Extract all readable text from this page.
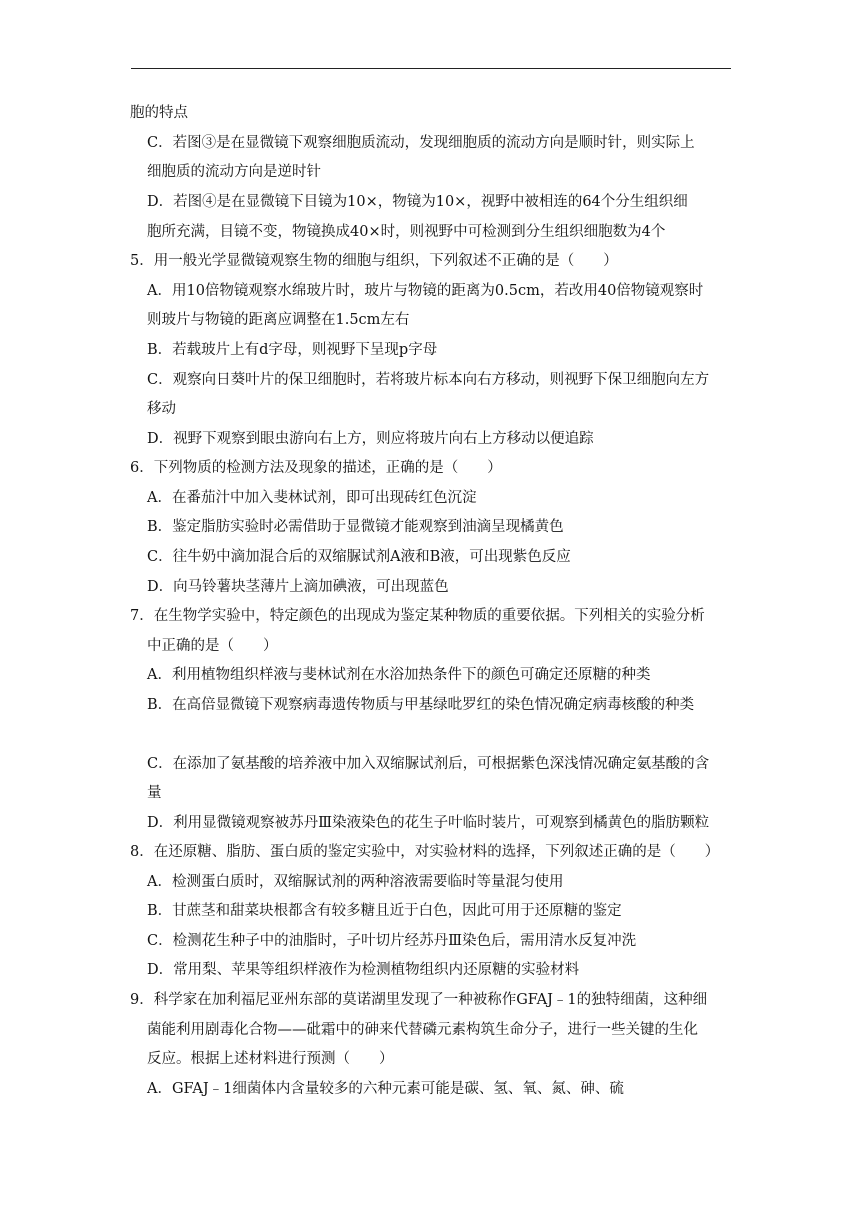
胞的特点
C．若图③是在显微镜下观察细胞质流动，发现细胞质的流动方向是顺时针，则实际上
细胞质的流动方向是逆时针
D．若图④是在显微镜下目镜为10×，物镜为10×，视野中被相连的64个分生组织细
胞所充满，目镜不变，物镜换成40×时，则视野中可检测到分生组织细胞数为4个
5．用一般光学显微镜观察生物的细胞与组织，下列叙述不正确的是（　　）
A．用10倍物镜观察水绵玻片时，玻片与物镜的距离为0.5cm，若改用40倍物镜观察时
则玻片与物镜的距离应调整在1.5cm左右
B．若载玻片上有d字母，则视野下呈现p字母
C．观察向日葵叶片的保卫细胞时，若将玻片标本向右方移动，则视野下保卫细胞向左方
移动
D．视野下观察到眼虫游向右上方，则应将玻片向右上方移动以便追踪
6．下列物质的检测方法及现象的描述，正确的是（　　）
A．在番茄汁中加入斐林试剂，即可出现砖红色沉淀
B．鉴定脂肪实验时必需借助于显微镜才能观察到油滴呈现橘黄色
C．往牛奶中滴加混合后的双缩脲试剂A液和B液，可出现紫色反应
D．向马铃薯块茎薄片上滴加碘液，可出现蓝色
7．在生物学实验中，特定颜色的出现成为鉴定某种物质的重要依据。下列相关的实验分析
中正确的是（　　）
A．利用植物组织样液与斐林试剂在水浴加热条件下的颜色可确定还原糖的种类
B．在高倍显微镜下观察病毒遗传物质与甲基绿吡罗红的染色情况确定病毒核酸的种类
C．在添加了氨基酸的培养液中加入双缩脲试剂后，可根据紫色深浅情况确定氨基酸的含
量
D．利用显微镜观察被苏丹Ⅲ染液染色的花生子叶临时装片，可观察到橘黄色的脂肪颗粒
8．在还原糖、脂肪、蛋白质的鉴定实验中，对实验材料的选择，下列叙述正确的是（　　）
A．检测蛋白质时，双缩脲试剂的两种溶液需要临时等量混匀使用
B．甘蔗茎和甜菜块根都含有较多糖且近于白色，因此可用于还原糖的鉴定
C．检测花生种子中的油脂时，子叶切片经苏丹Ⅲ染色后，需用清水反复冲洗
D．常用梨、苹果等组织样液作为检测植物组织内还原糖的实验材料
9．科学家在加利福尼亚州东部的莫诺湖里发现了一种被称作GFAJ﹣1的独特细菌，这种细
菌能利用剧毒化合物——砒霜中的砷来代替磷元素构筑生命分子，进行一些关键的生化
反应。根据上述材料进行预测（　　）
A．GFAJ﹣1细菌体内含量较多的六种元素可能是碳、氢、氧、氮、砷、硫
